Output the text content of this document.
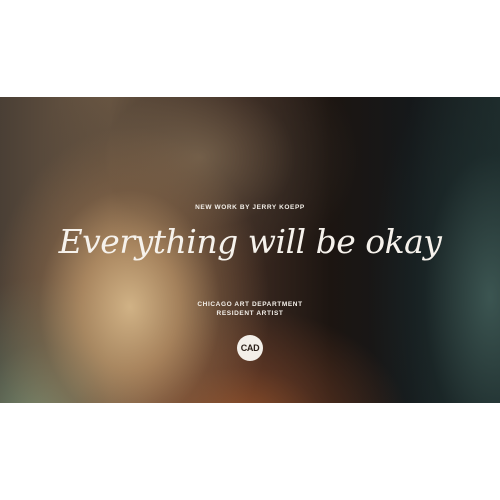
NEW WORK BY JERRY KOEPP
Everything will be okay
CHICAGO ART DEPARTMENT
RESIDENT ARTIST
CAD
